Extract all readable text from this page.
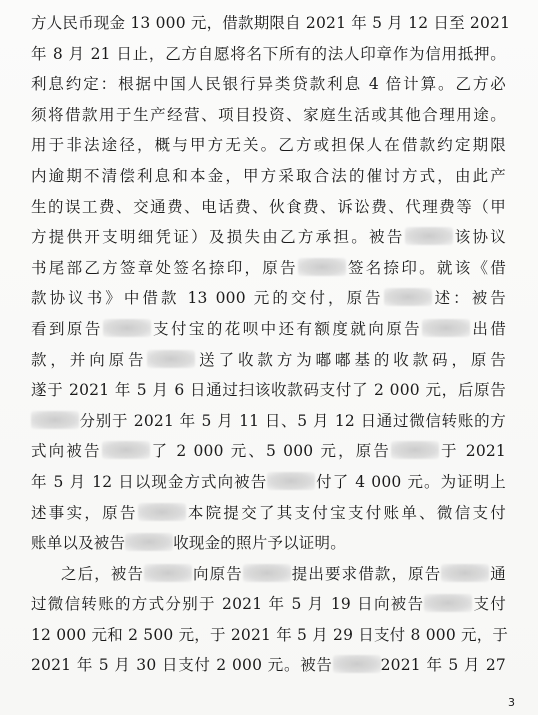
方人民币现金 13 000 元，借款期限自 2021 年 5 月 12 日至 2021
年 8 月 21 日止，乙方自愿将名下所有的法人印章作为信用抵押。
利息约定：根据中国人民银行异类贷款利息 4 倍计算。乙方必
须将借款用于生产经营、项目投资、家庭生活或其他合理用途。
用于非法途径，概与甲方无关。乙方或担保人在借款约定期限
内逾期不清偿利息和本金，甲方采取合法的催讨方式，由此产
生的误工费、交通费、电话费、伙食费、诉讼费、代理费等（甲
方提供开支明细凭证）及损失由乙方承担。被告	该协议
书尾部乙方签章处签名捺印，原告	签名捺印。就该《借
款协议书》中借款 13 000 元的交付，原告	述：被告
看到原告	支付宝的花呗中还有额度就向原告	出借
款，并向原告	送了收款方为嘟嘟基的收款码，原告
遂于 2021 年 5 月 6 日通过扫该收款码支付了 2 000 元，后原告
分别于 2021 年 5 月 11 日、5 月 12 日通过微信转账的方
式向被告	了 2 000 元、5 000 元，原告	于 2021
年 5 月 12 日以现金方式向被告	付了 4 000 元。为证明上
述事实，原告	本院提交了其支付宝支付账单、微信支付
账单以及被告	收现金的照片予以证明。
之后，被告	向原告	提出要求借款，原告	通
过微信转账的方式分别于 2021 年 5 月 19 日向被告	支付
12 000 元和 2 500 元，于 2021 年 5 月 29 日支付 8 000 元，于
2021 年 5 月 30 日支付 2 000 元。被告	2021 年 5 月 27
3
